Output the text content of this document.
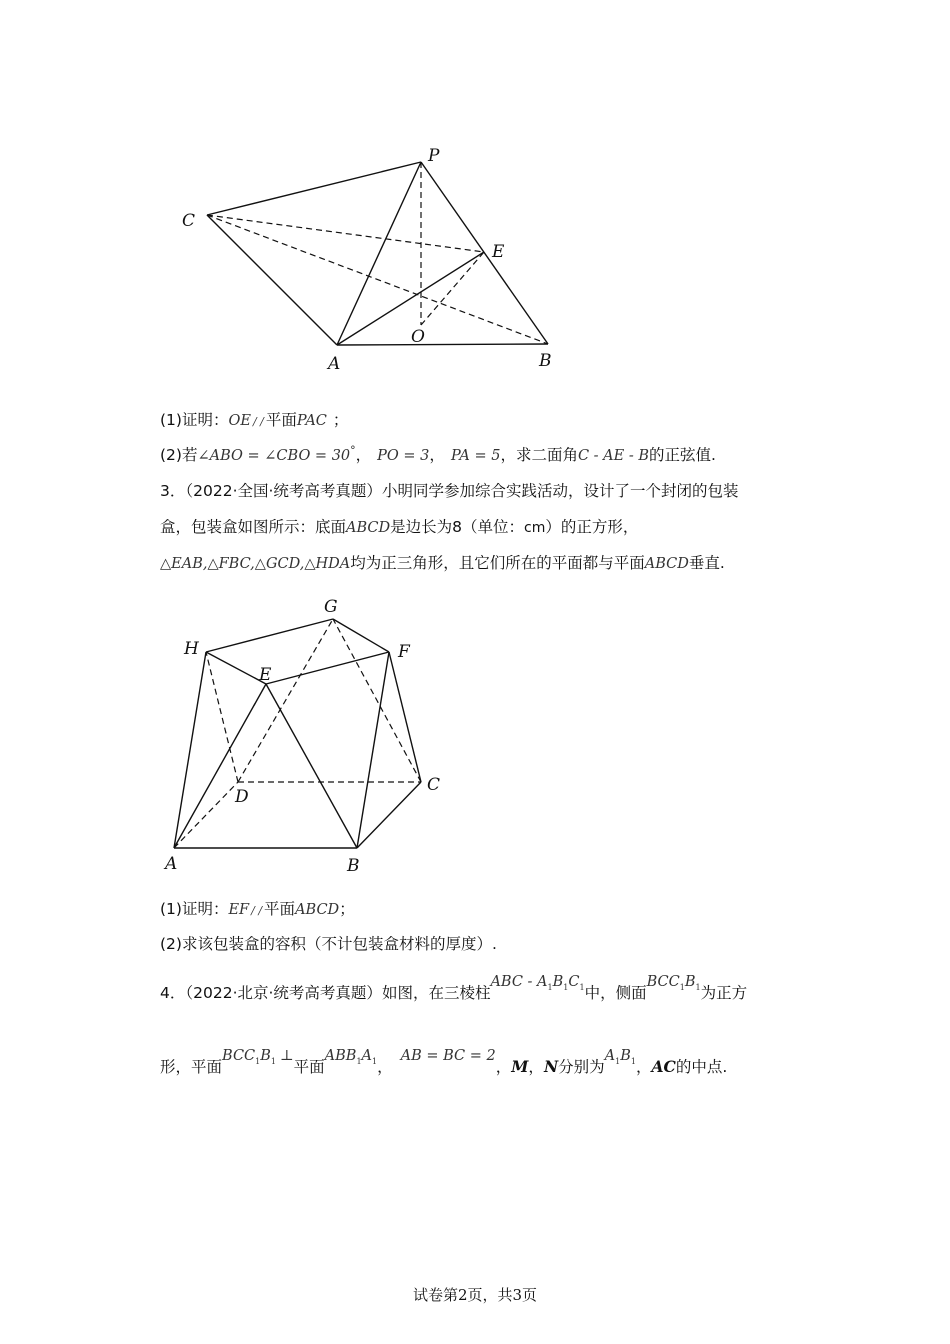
P
C
E
O
A	B
(1)证明：OE / / 平面PAC ；
(2)若∠ABO = ∠CBO = 30°， PO = 3， PA = 5，求二面角C - AE - B的正弦值.
3．（2022·全国·统考高考真题）小明同学参加综合实践活动，设计了一个封闭的包装
盒，包装盒如图所示：底面ABCD是边长为8（单位：cm）的正方形，
△EAB,△FBC,△GCD,△HDA均为正三角形，且它们所在的平面都与平面ABCD垂直.
G
H	F
E
D
C
A	B
(1)证明：EF / / 平面ABCD；
(2)求该包装盒的容积（不计包装盒材料的厚度）.
4．（2022·北京·统考高考真题）如图，在三棱柱ABC - $A_1B_1C_1$中，侧面$BCC_1B_1$为正方
形，平面$BCC_1B_1$ ⊥平面$ABB_1A_1$，AB = BC = 2，M，N分别为$A_1B_1$，AC的中点.
试卷第2页，共3页
